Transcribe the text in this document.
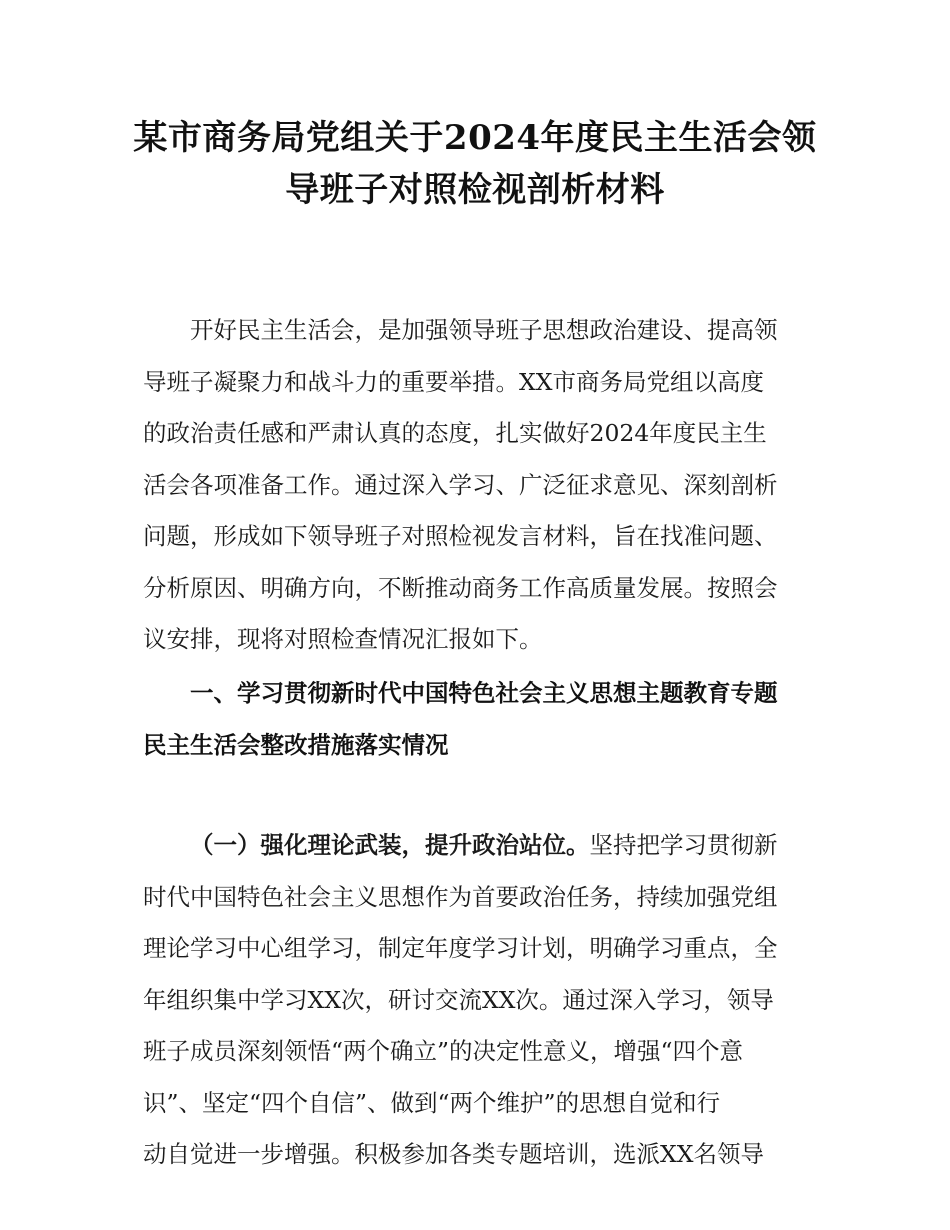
某市商务局党组关于2024年度民主生活会领
导班子对照检视剖析材料
开好民主生活会，是加强领导班子思想政治建设、提高领
导班子凝聚力和战斗力的重要举措。XX市商务局党组以高度
的政治责任感和严肃认真的态度，扎实做好2024年度民主生
活会各项准备工作。通过深入学习、广泛征求意见、深刻剖析
问题，形成如下领导班子对照检视发言材料，旨在找准问题、
分析原因、明确方向，不断推动商务工作高质量发展。按照会
议安排，现将对照检查情况汇报如下。
一、学习贯彻新时代中国特色社会主义思想主题教育专题
民主生活会整改措施落实情况
（一）强化理论武装，提升政治站位。坚持把学习贯彻新
时代中国特色社会主义思想作为首要政治任务，持续加强党组
理论学习中心组学习，制定年度学习计划，明确学习重点，全
年组织集中学习XX次，研讨交流XX次。通过深入学习，领导
班子成员深刻领悟“两个确立”的决定性意义，增强“四个意
识”、坚定“四个自信”、做到“两个维护”的思想自觉和行
动自觉进一步增强。积极参加各类专题培训，选派XX名领导
